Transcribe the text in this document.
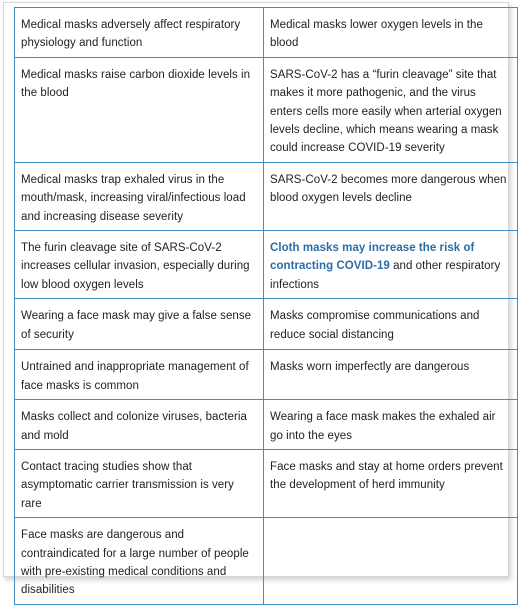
Medical masks adversely affect respiratory physiology and function	Medical masks lower oxygen levels in the blood
Medical masks raise carbon dioxide levels in the blood	SARS-CoV-2 has a “furin cleavage” site that makes it more pathogenic, and the virus enters cells more easily when arterial oxygen levels decline, which means wearing a mask could increase COVID-19 severity
Medical masks trap exhaled virus in the mouth/mask, increasing viral/infectious load and increasing disease severity	SARS-CoV-2 becomes more dangerous when blood oxygen levels decline
The furin cleavage site of SARS-CoV-2 increases cellular invasion, especially during low blood oxygen levels	Cloth masks may increase the risk of contracting COVID-19 and other respiratory infections
Wearing a face mask may give a false sense of security	Masks compromise communications and reduce social distancing
Untrained and inappropriate management of face masks is common	Masks worn imperfectly are dangerous
Masks collect and colonize viruses, bacteria and mold	Wearing a face mask makes the exhaled air go into the eyes
Contact tracing studies show that asymptomatic carrier transmission is very rare	Face masks and stay at home orders prevent the development of herd immunity
Face masks are dangerous and contraindicated for a large number of people with pre-existing medical conditions and disabilities	
